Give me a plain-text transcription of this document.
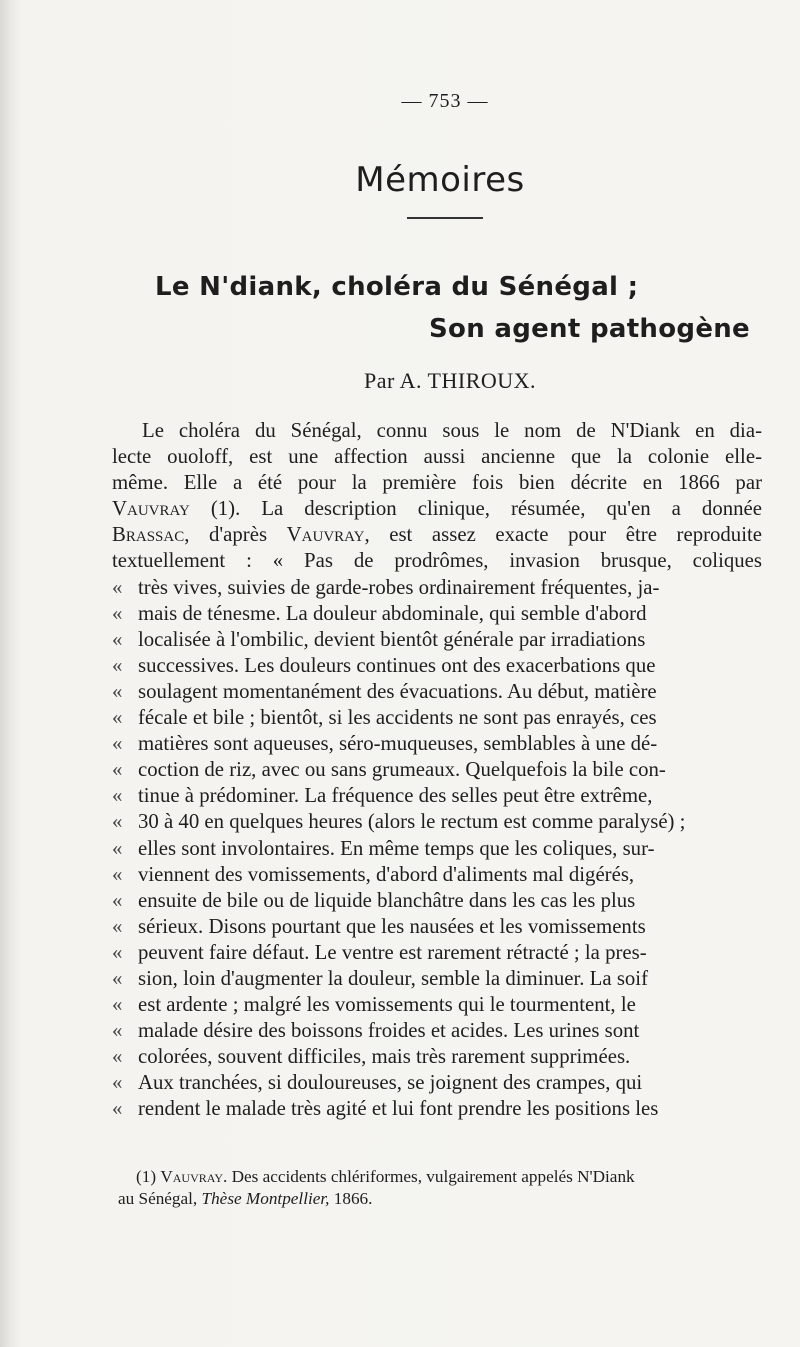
— 753 —
Mémoires
Le N'diank, choléra du Sénégal ;
Son agent pathogène
Par A. THIROUX.
Le choléra du Sénégal, connu sous le nom de N'Diank en dia-
lecte ouoloff, est une affection aussi ancienne que la colonie elle-
même. Elle a été pour la première fois bien décrite en 1866 par
Vauvray (1). La description clinique, résumée, qu'en a donnée
Brassac, d'après Vauvray, est assez exacte pour être reproduite
textuellement : « Pas de prodrômes, invasion brusque, coliques
« très vives, suivies de garde-robes ordinairement fréquentes, ja-
« mais de ténesme. La douleur abdominale, qui semble d'abord
« localisée à l'ombilic, devient bientôt générale par irradiations
« successives. Les douleurs continues ont des exacerbations que
« soulagent momentanément des évacuations. Au début, matière
« fécale et bile ; bientôt, si les accidents ne sont pas enrayés, ces
« matières sont aqueuses, séro-muqueuses, semblables à une dé-
« coction de riz, avec ou sans grumeaux. Quelquefois la bile con-
« tinue à prédominer. La fréquence des selles peut être extrême,
« 30 à 40 en quelques heures (alors le rectum est comme paralysé) ;
« elles sont involontaires. En même temps que les coliques, sur-
« viennent des vomissements, d'abord d'aliments mal digérés,
« ensuite de bile ou de liquide blanchâtre dans les cas les plus
« sérieux. Disons pourtant que les nausées et les vomissements
« peuvent faire défaut. Le ventre est rarement rétracté ; la pres-
« sion, loin d'augmenter la douleur, semble la diminuer. La soif
« est ardente ; malgré les vomissements qui le tourmentent, le
« malade désire des boissons froides et acides. Les urines sont
« colorées, souvent difficiles, mais très rarement supprimées.
« Aux tranchées, si douloureuses, se joignent des crampes, qui
« rendent le malade très agité et lui font prendre les positions les
(1) Vauvray. Des accidents chlériformes, vulgairement appelés N'Diank
au Sénégal, Thèse Montpellier, 1866.
